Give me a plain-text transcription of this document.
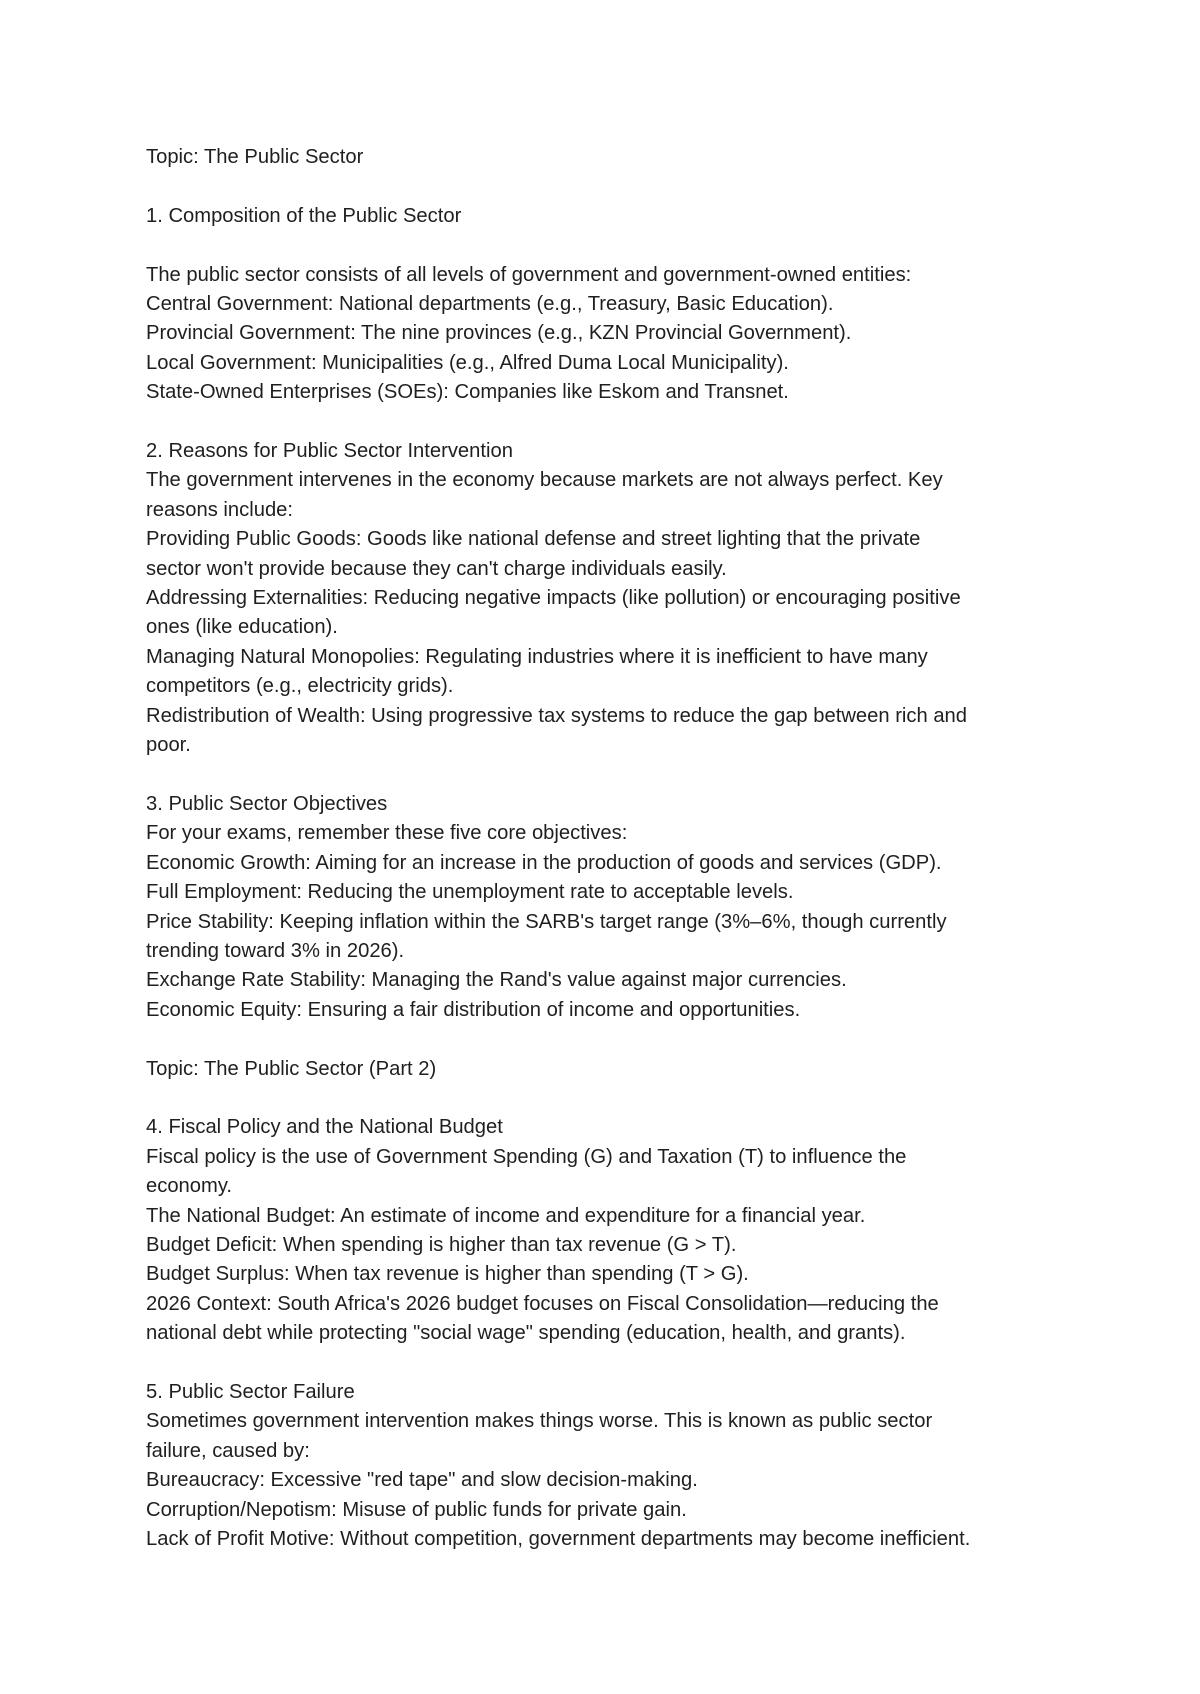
Topic: The Public Sector
1. Composition of the Public Sector
The public sector consists of all levels of government and government-owned entities:
Central Government: National departments (e.g., Treasury, Basic Education).
Provincial Government: The nine provinces (e.g., KZN Provincial Government).
Local Government: Municipalities (e.g., Alfred Duma Local Municipality).
State-Owned Enterprises (SOEs): Companies like Eskom and Transnet.
2. Reasons for Public Sector Intervention
The government intervenes in the economy because markets are not always perfect. Key
reasons include:
Providing Public Goods: Goods like national defense and street lighting that the private
sector won't provide because they can't charge individuals easily.
Addressing Externalities: Reducing negative impacts (like pollution) or encouraging positive
ones (like education).
Managing Natural Monopolies: Regulating industries where it is inefficient to have many
competitors (e.g., electricity grids).
Redistribution of Wealth: Using progressive tax systems to reduce the gap between rich and
poor.
3. Public Sector Objectives
For your exams, remember these five core objectives:
Economic Growth: Aiming for an increase in the production of goods and services (GDP).
Full Employment: Reducing the unemployment rate to acceptable levels.
Price Stability: Keeping inflation within the SARB's target range (3%–6%, though currently
trending toward 3% in 2026).
Exchange Rate Stability: Managing the Rand's value against major currencies.
Economic Equity: Ensuring a fair distribution of income and opportunities.
Topic: The Public Sector (Part 2)
4. Fiscal Policy and the National Budget
Fiscal policy is the use of Government Spending (G) and Taxation (T) to influence the
economy.
The National Budget: An estimate of income and expenditure for a financial year.
Budget Deficit: When spending is higher than tax revenue (G > T).
Budget Surplus: When tax revenue is higher than spending (T > G).
2026 Context: South Africa's 2026 budget focuses on Fiscal Consolidation—reducing the
national debt while protecting "social wage" spending (education, health, and grants).
5. Public Sector Failure
Sometimes government intervention makes things worse. This is known as public sector
failure, caused by:
Bureaucracy: Excessive "red tape" and slow decision-making.
Corruption/Nepotism: Misuse of public funds for private gain.
Lack of Profit Motive: Without competition, government departments may become inefficient.
